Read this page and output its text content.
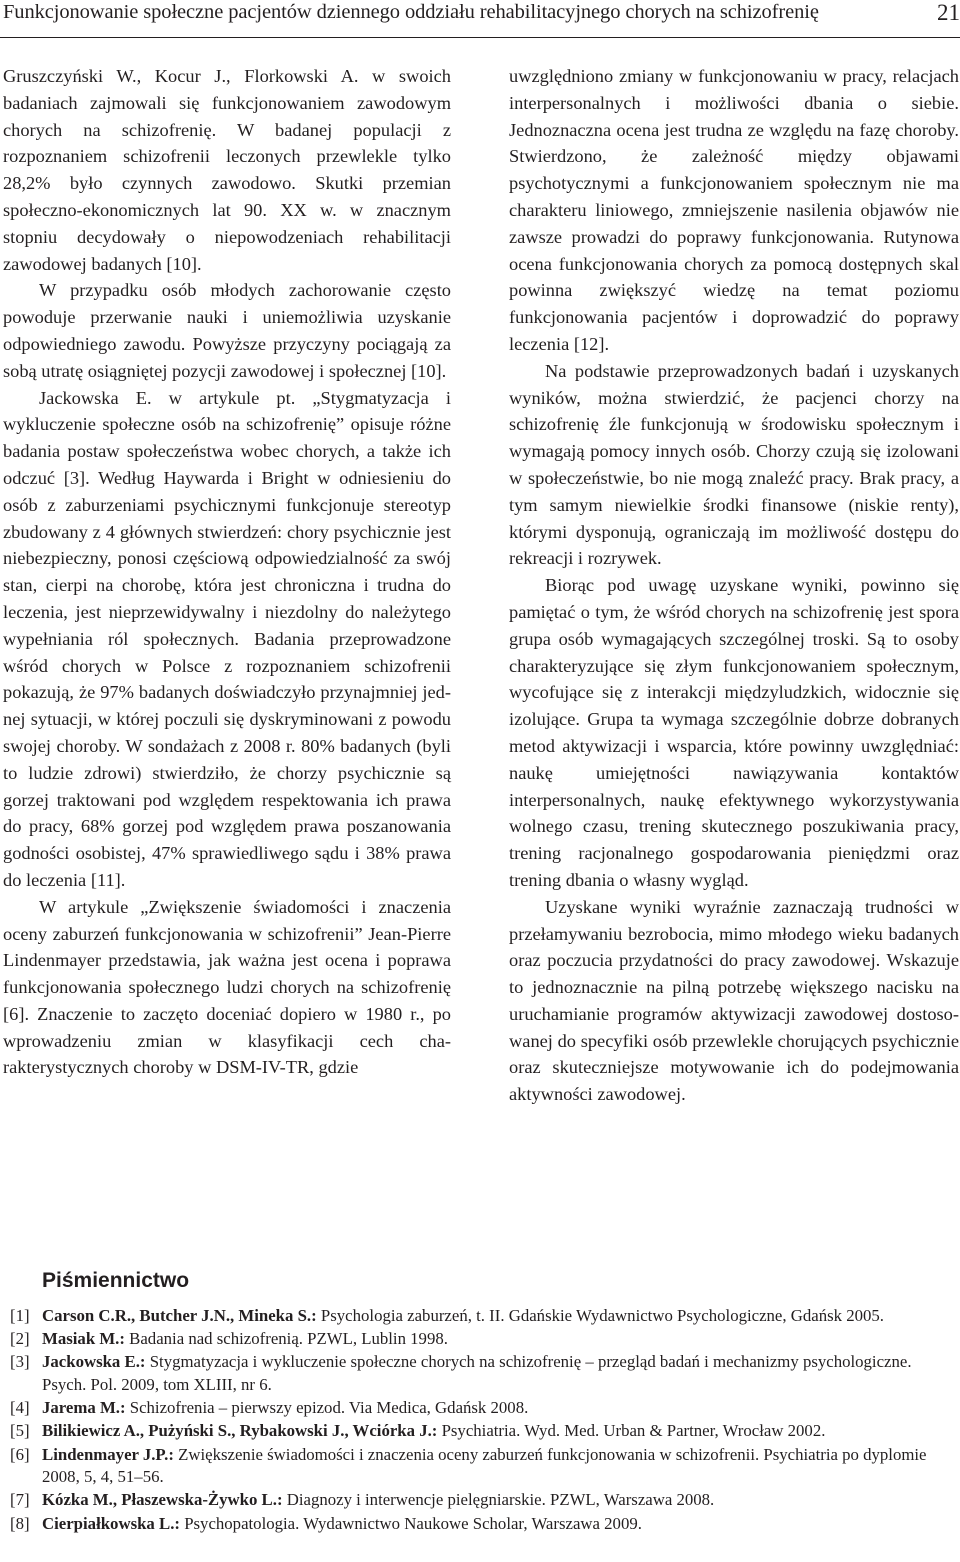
Funkcjonowanie społeczne pacjentów dziennego oddziału rehabilitacyjnego chorych na schizofrenię	21

Gruszczyński W., Kocur J., Florkowski A. w swoich badaniach zajmowali się funkcjonowaniem zawodowym chorych na schizofrenię. W badanej populacji z rozpoznaniem schizofrenii leczonych przewlekle tylko 28,2% było czynnych zawodowo. Skutki przemian społeczno-ekonomicznych lat 90. XX w. w znacznym stopniu decydowały o niepowodzeniach rehabilitacji zawodowej badanych [10].

W przypadku osób młodych zachorowanie często powoduje przerwanie nauki i uniemożliwia uzyskanie odpowiedniego zawodu. Powyższe przyczyny pociągają za sobą utratę osiągniętej pozycji zawodowej i społecznej [10].

Jackowska E. w artykule pt. „Stygmatyzacja i wykluczenie społeczne osób na schizofrenię” opisuje różne badania postaw społeczeństwa wobec chorych, a także ich odczuć [3]. Według Haywarda i Bright w odniesieniu do osób z zaburzeniami psychicznymi funkcjonuje stereotyp zbudowany z 4 głównych stwierdzeń: chory psychicznie jest niebezpieczny, ponosi częściową odpowiedzialność za swój stan, cierpi na chorobę, która jest chroniczna i trudna do leczenia, jest nieprzewidywalny i niezdolny do należytego wypełniania ról społecznych. Badania przeprowadzone wśród chorych w Polsce z rozpoznaniem schizofrenii pokazują, że 97% badanych doświadczyło przynajmniej jednej sytuacji, w której poczuli się dyskryminowani z powodu swojej choroby. W sondażach z 2008 r. 80% badanych (byli to ludzie zdrowi) stwierdziło, że chorzy psychicznie są gorzej traktowani pod względem respektowania ich prawa do pracy, 68% gorzej pod względem prawa poszanowania godności osobistej, 47% sprawiedliwego sądu i 38% prawa do leczenia [11].

W artykule „Zwiększenie świadomości i znaczenia oceny zaburzeń funkcjonowania w schizofrenii” Jean-Pierre Lindenmayer przedstawia, jak ważna jest ocena i poprawa funkcjonowania społecznego ludzi chorych na schizofrenię [6]. Znaczenie to zaczęto doceniać dopiero w 1980 r., po wprowadzeniu zmian w klasyfikacji cech charakterystycznych choroby w DSM-IV-TR, gdzie

uwzględniono zmiany w funkcjonowaniu w pracy, relacjach interpersonalnych i możliwości dbania o siebie. Jednoznaczna ocena jest trudna ze względu na fazę choroby. Stwierdzono, że zależność między objawami psychotycznymi a funkcjonowaniem społecznym nie ma charakteru liniowego, zmniejszenie nasilenia objawów nie zawsze prowadzi do poprawy funkcjonowania. Rutynowa ocena funkcjonowania chorych za pomocą dostępnych skal powinna zwiększyć wiedzę na temat poziomu funkcjonowania pacjentów i doprowadzić do poprawy leczenia [12].

Na podstawie przeprowadzonych badań i uzyskanych wyników, można stwierdzić, że pacjenci chorzy na schizofrenię źle funkcjonują w środowisku społecznym i wymagają pomocy innych osób. Chorzy czują się izolowani w społeczeństwie, bo nie mogą znaleźć pracy. Brak pracy, a tym samym niewielkie środki finansowe (niskie renty), którymi dysponują, ograniczają im możliwość dostępu do rekreacji i rozrywek.

Biorąc pod uwagę uzyskane wyniki, powinno się pamiętać o tym, że wśród chorych na schizofrenię jest spora grupa osób wymagających szczególnej troski. Są to osoby charakteryzujące się złym funkcjonowaniem społecznym, wycofujące się z interakcji międzyludzkich, widocznie się izolujące. Grupa ta wymaga szczególnie dobrze dobranych metod aktywizacji i wsparcia, które powinny uwzględniać: naukę umiejętności nawiązywania kontaktów interpersonalnych, naukę efektywnego wykorzystywania wolnego czasu, trening skutecznego poszukiwania pracy, trening racjonalnego gospodarowania pieniędzmi oraz trening dbania o własny wygląd.

Uzyskane wyniki wyraźnie zaznaczają trudności w przełamywaniu bezrobocia, mimo młodego wieku badanych oraz poczucia przydatności do pracy zawodowej. Wskazuje to jednoznacznie na pilną potrzebę większego nacisku na uruchamianie programów aktywizacji zawodowej dostosowanej do specyfiki osób przewlekle chorujących psychicznie oraz skuteczniejsze motywowanie ich do podejmowania aktywności zawodowej.

Piśmiennictwo
[1] Carson C.R., Butcher J.N., Mineka S.: Psychologia zaburzeń, t. II. Gdańskie Wydawnictwo Psychologiczne, Gdańsk 2005.
[2] Masiak M.: Badania nad schizofrenią. PZWL, Lublin 1998.
[3] Jackowska E.: Stygmatyzacja i wykluczenie społeczne chorych na schizofrenię – przegląd badań i mechanizmy psychologiczne. Psych. Pol. 2009, tom XLIII, nr 6.
[4] Jarema M.: Schizofrenia – pierwszy epizod. Via Medica, Gdańsk 2008.
[5] Bilikiewicz A., Pużyński S., Rybakowski J., Wciórka J.: Psychiatria. Wyd. Med. Urban & Partner, Wrocław 2002.
[6] Lindenmayer J.P.: Zwiększenie świadomości i znaczenia oceny zaburzeń funkcjonowania w schizofrenii. Psychiatria po dyplomie 2008, 5, 4, 51–56.
[7] Kózka M., Płaszewska-Żywko L.: Diagnozy i interwencje pielęgniarskie. PZWL, Warszawa 2008.
[8] Cierpiałkowska L.: Psychopatologia. Wydawnictwo Naukowe Scholar, Warszawa 2009.
